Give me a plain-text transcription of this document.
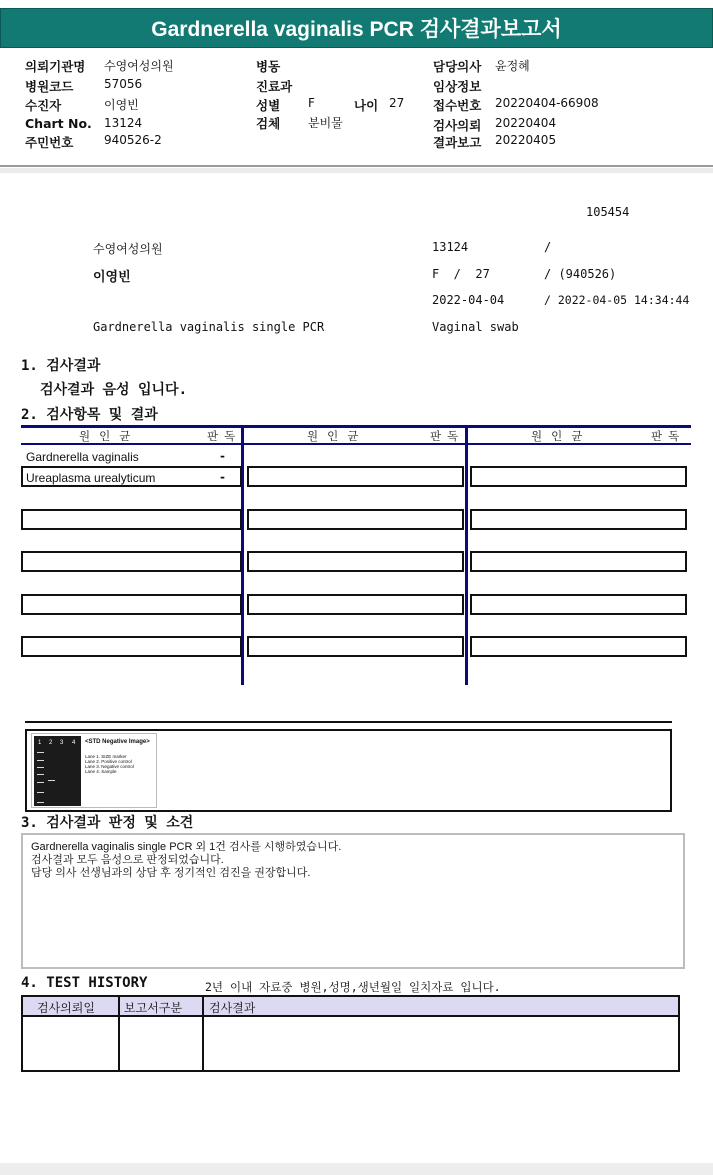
Gardnerella vaginalis PCR 검사결과보고서
의뢰기관명 수영여성의원
병원코드	57056
수진자	이영빈
Chart No. 13124
주민번호	940526-2
병동
진료과
성별 F	나이 27
검체 분비물
담당의사 윤정혜
임상정보
접수번호 20220404-66908
검사의뢰 20220404
결과보고 20220405
105454
수영여성의원	13124	/
이영빈	F  /  27	/ (940526)
2022-04-04	/ 2022-04-05 14:34:44
Gardnerella vaginalis single PCR	Vaginal swab
1. 검사결과
검사결과 음성 입니다.
2. 검사항목 및 결과
원인균	판독	원인균	판독	원인균	판독
Gardnerella vaginalis	-
Ureaplasma urealyticum	-
1 2 3 4 <STD Negative Image>
Lane 1. SIZE marker
Lane 2. Positive control
Lane 3. Negative control
Lane 4. Sample
3. 검사결과 판정 및 소견
Gardnerella vaginalis single PCR 외 1건 검사를 시행하였습니다.
검사결과 모두 음성으로 판정되었습니다.
담당 의사 선생님과의 상담 후 정기적인 검진을 권장합니다.
4. TEST HISTORY	2년 이내 자료중 병원,성명,생년월일 일치자료 입니다.
검사의뢰일 보고서구분 검사결과
